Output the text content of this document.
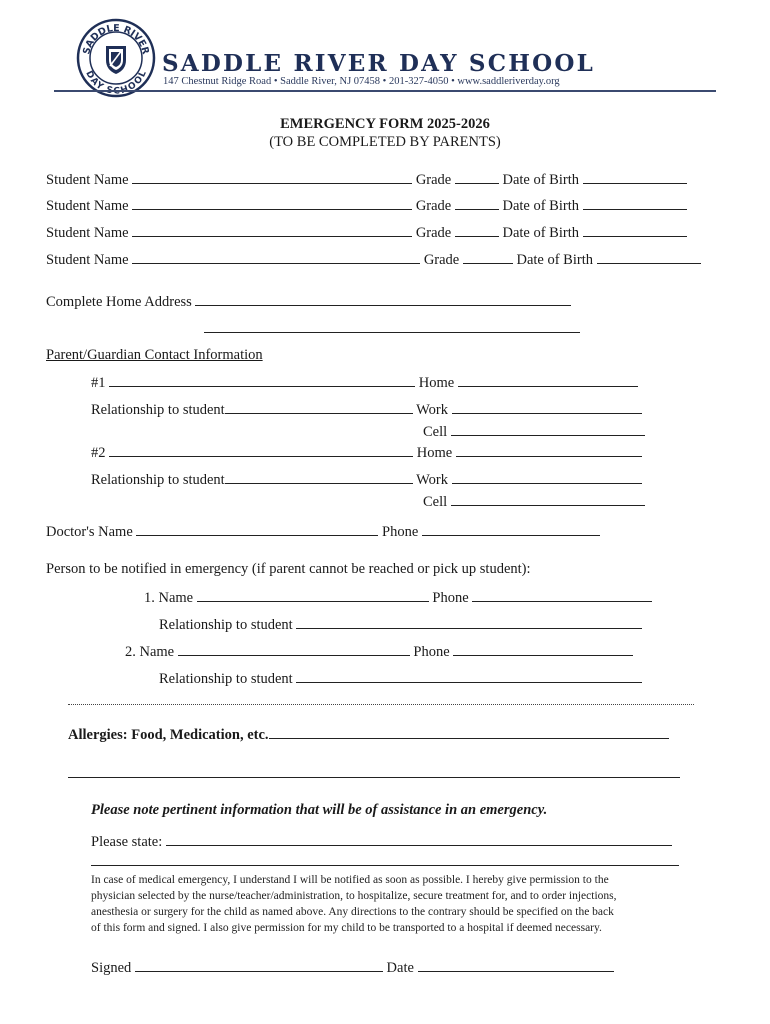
SADDLE RIVER
DAY SCHOOL SADDLE RIVER DAY SCHOOL
147 Chestnut Ridge Road • Saddle River, NJ 07458 • 201-327-4050 • www.saddleriverday.org
EMERGENCY FORM 2025-2026
(TO BE COMPLETED BY PARENTS)
Student Name	Grade	Date of Birth
Student Name	Grade	Date of Birth
Student Name	Grade	Date of Birth
Student Name	Grade	Date of Birth
Complete Home Address
Parent/Guardian Contact Information
#1	Home
Relationship to student	Work
Cell
#2	Home
Relationship to student	Work
Cell
Doctor's Name	Phone
Person to be notified in emergency (if parent cannot be reached or pick up student):
1. Name	Phone
Relationship to student
2. Name	Phone
Relationship to student
Allergies: Food, Medication, etc.
Please note pertinent information that will be of assistance in an emergency.
Please state:
In case of medical emergency, I understand I will be notified as soon as possible. I hereby give permission to the
physician selected by the nurse/teacher/administration, to hospitalize, secure treatment for, and to order injections,
anesthesia or surgery for the child as named above. Any directions to the contrary should be specified on the back
of this form and signed. I also give permission for my child to be transported to a hospital if deemed necessary.
Signed	Date
